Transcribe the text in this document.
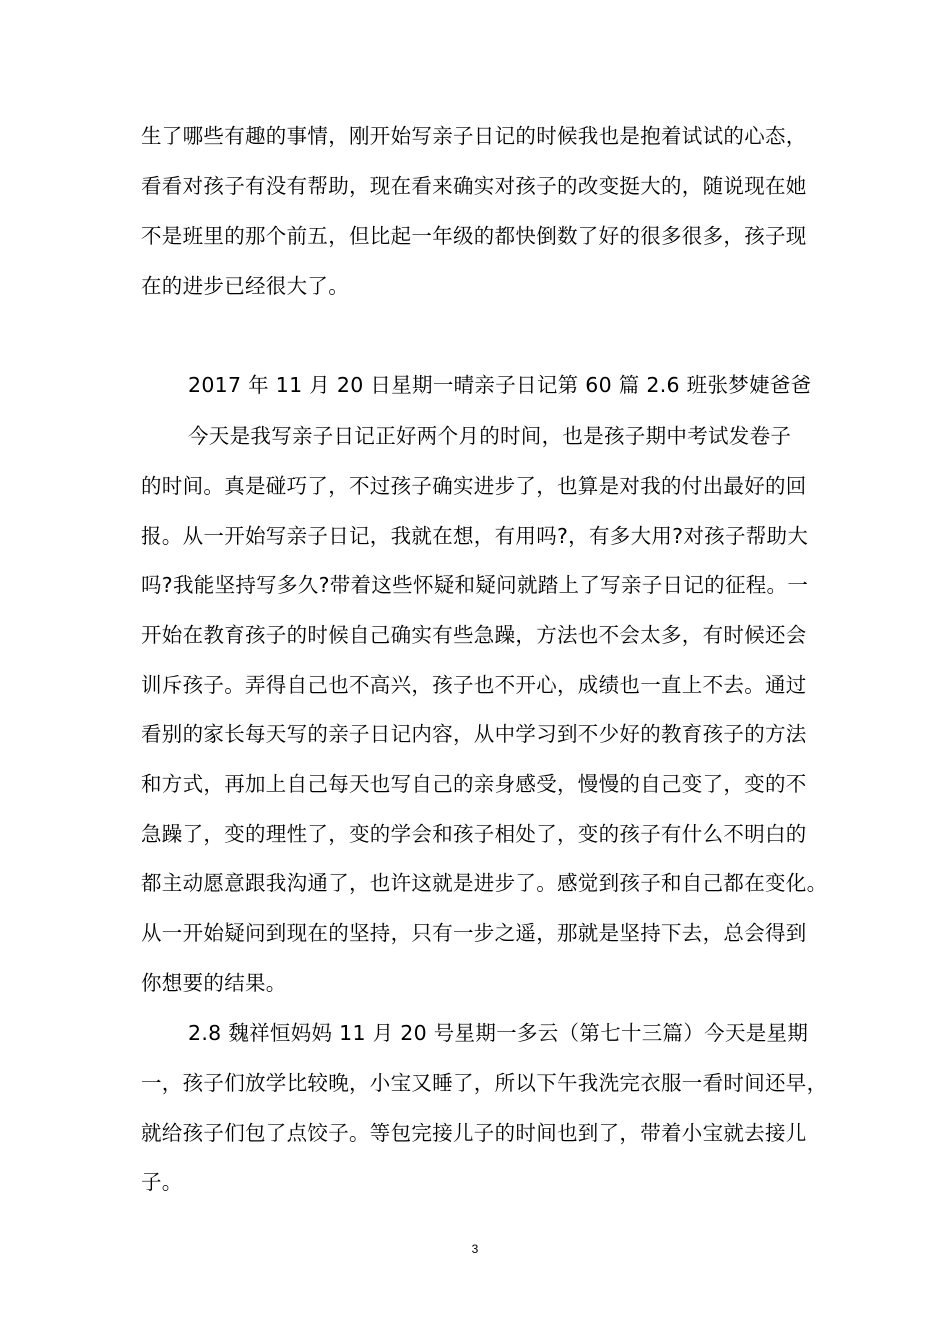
生了哪些有趣的事情，刚开始写亲子日记的时候我也是抱着试试的心态，
看看对孩子有没有帮助，现在看来确实对孩子的改变挺大的，随说现在她
不是班里的那个前五，但比起一年级的都快倒数了好的很多很多，孩子现
在的进步已经很大了。
2017 年 11 月 20 日星期一晴亲子日记第 60 篇 2.6 班张梦婕爸爸
今天是我写亲子日记正好两个月的时间，也是孩子期中考试发卷子
的时间。真是碰巧了，不过孩子确实进步了，也算是对我的付出最好的回
报。从一开始写亲子日记，我就在想，有用吗?，有多大用?对孩子帮助大
吗?我能坚持写多久?带着这些怀疑和疑问就踏上了写亲子日记的征程。一
开始在教育孩子的时候自己确实有些急躁，方法也不会太多，有时候还会
训斥孩子。弄得自己也不高兴，孩子也不开心，成绩也一直上不去。通过
看别的家长每天写的亲子日记内容，从中学习到不少好的教育孩子的方法
和方式，再加上自己每天也写自己的亲身感受，慢慢的自己变了，变的不
急躁了，变的理性了，变的学会和孩子相处了，变的孩子有什么不明白的
都主动愿意跟我沟通了，也许这就是进步了。感觉到孩子和自己都在变化。
从一开始疑问到现在的坚持，只有一步之遥，那就是坚持下去，总会得到
你想要的结果。
2.8 魏祥恒妈妈 11 月 20 号星期一多云（第七十三篇）今天是星期
一，孩子们放学比较晚，小宝又睡了，所以下午我洗完衣服一看时间还早，
就给孩子们包了点饺子。等包完接儿子的时间也到了，带着小宝就去接儿
子。
3
